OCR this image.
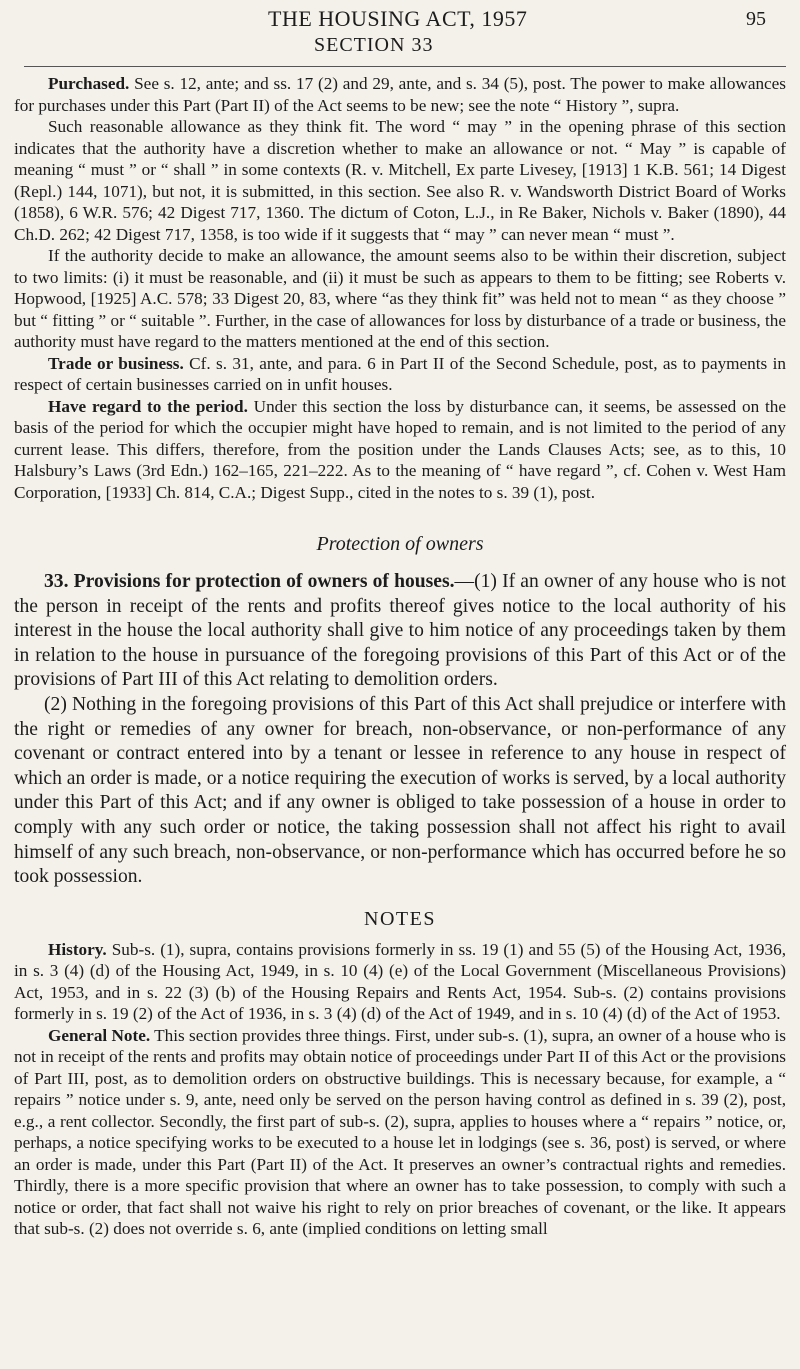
THE HOUSING ACT, 1957	95
SECTION 33

Purchased. See s. 12, ante; and ss. 17 (2) and 29, ante, and s. 34 (5), post. The power to make allowances for purchases under this Part (Part II) of the Act seems to be new; see the note “ History ”, supra.

Such reasonable allowance as they think fit. The word “ may ” in the opening phrase of this section indicates that the authority have a discretion whether to make an allowance or not. “ May ” is capable of meaning “ must ” or “ shall ” in some contexts (R. v. Mitchell, Ex parte Livesey, [1913] 1 K.B. 561; 14 Digest (Repl.) 144, 1071), but not, it is submitted, in this section. See also R. v. Wandsworth District Board of Works (1858), 6 W.R. 576; 42 Digest 717, 1360. The dictum of Coton, L.J., in Re Baker, Nichols v. Baker (1890), 44 Ch.D. 262; 42 Digest 717, 1358, is too wide if it suggests that “ may ” can never mean “ must ”.

If the authority decide to make an allowance, the amount seems also to be within their discretion, subject to two limits: (i) it must be reasonable, and (ii) it must be such as appears to them to be fitting; see Roberts v. Hopwood, [1925] A.C. 578; 33 Digest 20, 83, where “as they think fit” was held not to mean “ as they choose ” but “ fitting ” or “ suitable ”. Further, in the case of allowances for loss by disturbance of a trade or business, the authority must have regard to the matters mentioned at the end of this section.

Trade or business. Cf. s. 31, ante, and para. 6 in Part II of the Second Schedule, post, as to payments in respect of certain businesses carried on in unfit houses.

Have regard to the period. Under this section the loss by disturbance can, it seems, be assessed on the basis of the period for which the occupier might have hoped to remain, and is not limited to the period of any current lease. This differs, therefore, from the position under the Lands Clauses Acts; see, as to this, 10 Halsbury’s Laws (3rd Edn.) 162–165, 221–222. As to the meaning of “ have regard ”, cf. Cohen v. West Ham Corporation, [1933] Ch. 814, C.A.; Digest Supp., cited in the notes to s. 39 (1), post.

Protection of owners

33. Provisions for protection of owners of houses.—(1) If an owner of any house who is not the person in receipt of the rents and profits thereof gives notice to the local authority of his interest in the house the local authority shall give to him notice of any proceedings taken by them in relation to the house in pursuance of the foregoing provisions of this Part of this Act or of the provisions of Part III of this Act relating to demolition orders.

(2) Nothing in the foregoing provisions of this Part of this Act shall prejudice or interfere with the right or remedies of any owner for breach, non-observance, or non-performance of any covenant or contract entered into by a tenant or lessee in reference to any house in respect of which an order is made, or a notice requiring the execution of works is served, by a local authority under this Part of this Act; and if any owner is obliged to take possession of a house in order to comply with any such order or notice, the taking possession shall not affect his right to avail himself of any such breach, non-observance, or non-performance which has occurred before he so took possession.

NOTES

History. Sub-s. (1), supra, contains provisions formerly in ss. 19 (1) and 55 (5) of the Housing Act, 1936, in s. 3 (4) (d) of the Housing Act, 1949, in s. 10 (4) (e) of the Local Government (Miscellaneous Provisions) Act, 1953, and in s. 22 (3) (b) of the Housing Repairs and Rents Act, 1954. Sub-s. (2) contains provisions formerly in s. 19 (2) of the Act of 1936, in s. 3 (4) (d) of the Act of 1949, and in s. 10 (4) (d) of the Act of 1953.

General Note. This section provides three things. First, under sub-s. (1), supra, an owner of a house who is not in receipt of the rents and profits may obtain notice of proceedings under Part II of this Act or the provisions of Part III, post, as to demolition orders on obstructive buildings. This is necessary because, for example, a “ repairs ” notice under s. 9, ante, need only be served on the person having control as defined in s. 39 (2), post, e.g., a rent collector. Secondly, the first part of sub-s. (2), supra, applies to houses where a “ repairs ” notice, or, perhaps, a notice specifying works to be executed to a house let in lodgings (see s. 36, post) is served, or where an order is made, under this Part (Part II) of the Act. It preserves an owner’s contractual rights and remedies. Thirdly, there is a more specific provision that where an owner has to take possession, to comply with such a notice or order, that fact shall not waive his right to rely on prior breaches of covenant, or the like. It appears that sub-s. (2) does not override s. 6, ante (implied conditions on letting small
